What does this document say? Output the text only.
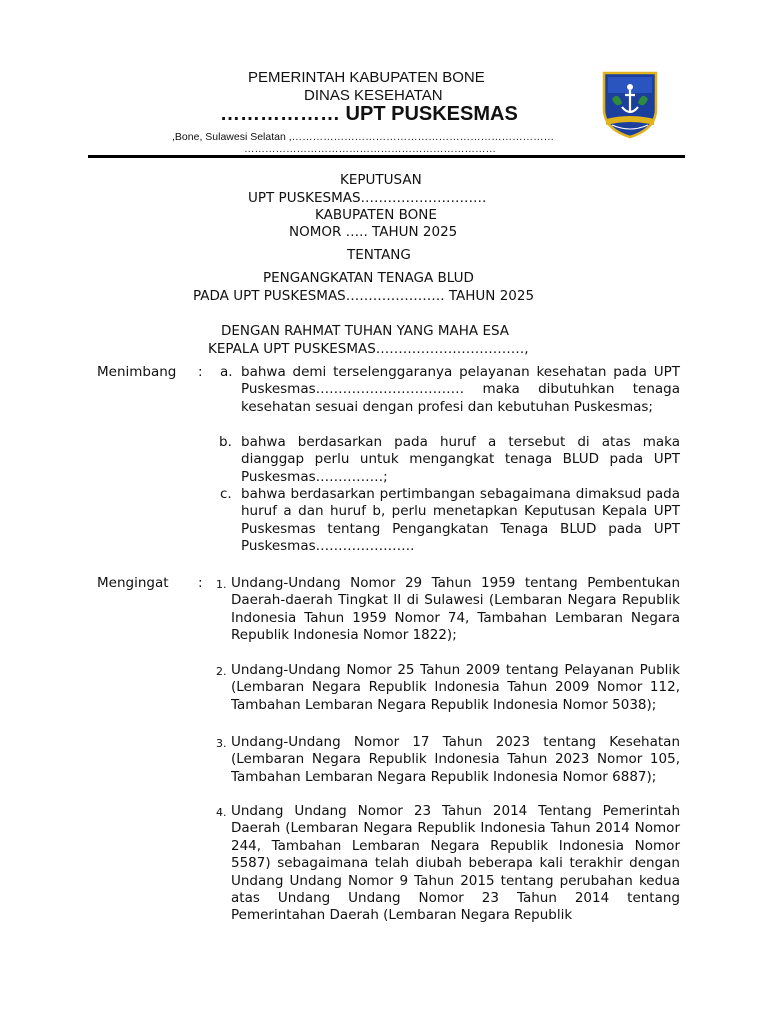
PEMERINTAH KABUPATEN BONE
DINAS KESEHATAN
……………… UPT PUSKESMAS
,Bone, Sulawesi Selatan ,…………………………………………………………………
………………………………………………………………
KEPUTUSAN
UPT PUSKESMAS……………………….
KABUPATEN BONE
NOMOR ….. TAHUN 2025
TENTANG
PENGANGKATAN TENAGA BLUD
PADA UPT PUSKESMAS…………………. TAHUN 2025
DENGAN RAHMAT TUHAN YANG MAHA ESA
KEPALA UPT PUSKESMAS……………………………,
Menimbang : a. bahwa demi terselenggaranya pelayanan kesehatan pada UPT Puskesmas…………………………… maka dibutuhkan tenaga kesehatan sesuai dengan profesi dan kebutuhan Puskesmas;
b. bahwa berdasarkan pada huruf a tersebut di atas maka dianggap perlu untuk mengangkat tenaga BLUD pada UPT Puskesmas……………;
c. bahwa berdasarkan pertimbangan sebagaimana dimaksud pada huruf a dan huruf b, perlu menetapkan Keputusan Kepala UPT Puskesmas tentang Pengangkatan Tenaga BLUD pada UPT Puskesmas………………….
Mengingat : 1. Undang-Undang Nomor 29 Tahun 1959 tentang Pembentukan Daerah-daerah Tingkat II di Sulawesi (Lembaran Negara Republik Indonesia Tahun 1959 Nomor 74, Tambahan Lembaran Negara Republik Indonesia Nomor 1822);
2. Undang-Undang Nomor 25 Tahun 2009 tentang Pelayanan Publik (Lembaran Negara Republik Indonesia Tahun 2009 Nomor 112, Tambahan Lembaran Negara Republik Indonesia Nomor 5038);
3. Undang-Undang Nomor 17 Tahun 2023 tentang Kesehatan (Lembaran Negara Republik Indonesia Tahun 2023 Nomor 105, Tambahan Lembaran Negara Republik Indonesia Nomor 6887);
4. Undang Undang Nomor 23 Tahun 2014 Tentang Pemerintah Daerah (Lembaran Negara Republik Indonesia Tahun 2014 Nomor 244, Tambahan Lembaran Negara Republik Indonesia Nomor 5587) sebagaimana telah diubah beberapa kali terakhir dengan Undang Undang Nomor 9 Tahun 2015 tentang perubahan kedua atas Undang Undang Nomor 23 Tahun 2014 tentang Pemerintahan Daerah (Lembaran Negara Republik
